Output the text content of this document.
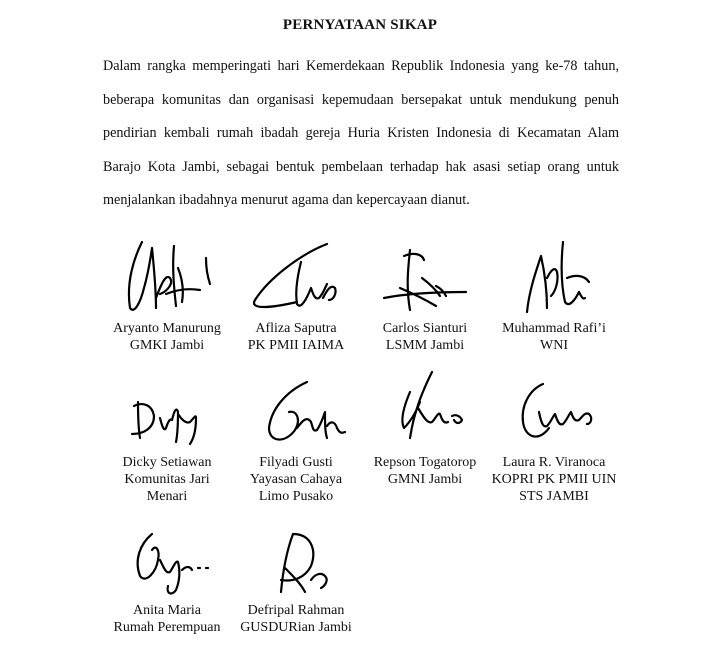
PERNYATAAN SIKAP

Dalam rangka memperingati hari Kemerdekaan Republik Indonesia yang ke-78 tahun, beberapa komunitas dan organisasi kepemudaan bersepakat untuk mendukung penuh pendirian kembali rumah ibadah gereja Huria Kristen Indonesia di Kecamatan Alam Barajo Kota Jambi, sebagai bentuk pembelaan terhadap hak asasi setiap orang untuk menjalankan ibadahnya menurut agama dan kepercayaan dianut.

Aryanto Manurung
GMKI Jambi
Afliza Saputra
PK PMII IAIMA
Carlos Sianturi
LSMM Jambi
Muhammad Rafi’i
WNI
Dicky Setiawan
Komunitas Jari Menari
Filyadi Gusti
Yayasan Cahaya Limo Pusako
Repson Togatorop
GMNI Jambi
Laura R. Viranoca
KOPRI PK PMII UIN STS JAMBI
Anita Maria
Rumah Perempuan
Defripal Rahman
GUSDURian Jambi
